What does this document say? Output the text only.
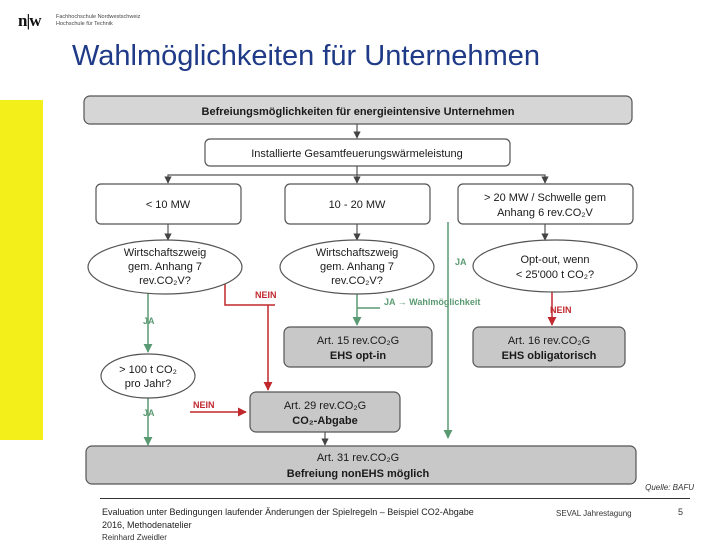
n|w	Fachhochschule Nordwestschweiz
Hochschule für Technik
Wahlmöglichkeiten für Unternehmen
Befreiungsmöglichkeiten für energieintensive Unternehmen
Installierte Gesamtfeuerungswärmeleistung
< 10 MW	10 - 20 MW
> 20 MW / Schwelle gem
Anhang 6 rev.CO₂V
Wirtschaftszweig
gem. Anhang 7
rev.CO₂V?
Wirtschaftszweig
gem. Anhang 7
rev.CO₂V?
Opt-out, wenn
< 25'000 t CO₂?
JA
NEIN
JA → Wahlmöglichkeit
NEIN
JA
NEIN
JA
Art. 15 rev.CO₂G
EHS opt-in
Art. 16 rev.CO₂G
EHS obligatorisch
> 100 t CO₂
pro Jahr?
Art. 29 rev.CO₂G
CO₂-Abgabe
Art. 31 rev.CO₂G
Befreiung nonEHS möglich
Quelle: BAFU
Evaluation unter Bedingungen laufender Änderungen der Spielregeln – Beispiel CO2-Abgabe
2016, Methodenatelier
SEVAL Jahrestagung	5
Reinhard Zweidler
